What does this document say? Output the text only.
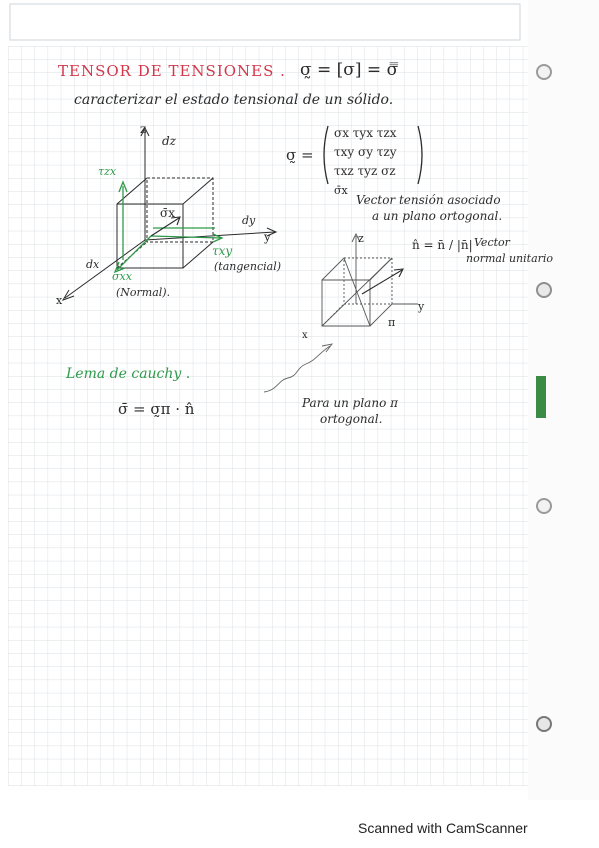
TENSOR DE TENSIONES . σ̰ = [σ] = σ̿
caracterizar el estado tensional de un sólido.
σ̰ =
σx τyx τzx
τxy σy τzy
τxz τyz σz
σ̄x
Vector tensión asociado
a un plano ortogonal.
z
dz
τzx
σ̄x
dy
y
τxy
(tangencial)
dx
σxx
(Normal).
x
n̂ = n̄ / |n̄| Vector
normal unitario
z
y
x
π
Lema de cauchy .
σ̄ = σ̰π · n̂	Para un plano π
ortogonal.
Scanned with CamScanner
